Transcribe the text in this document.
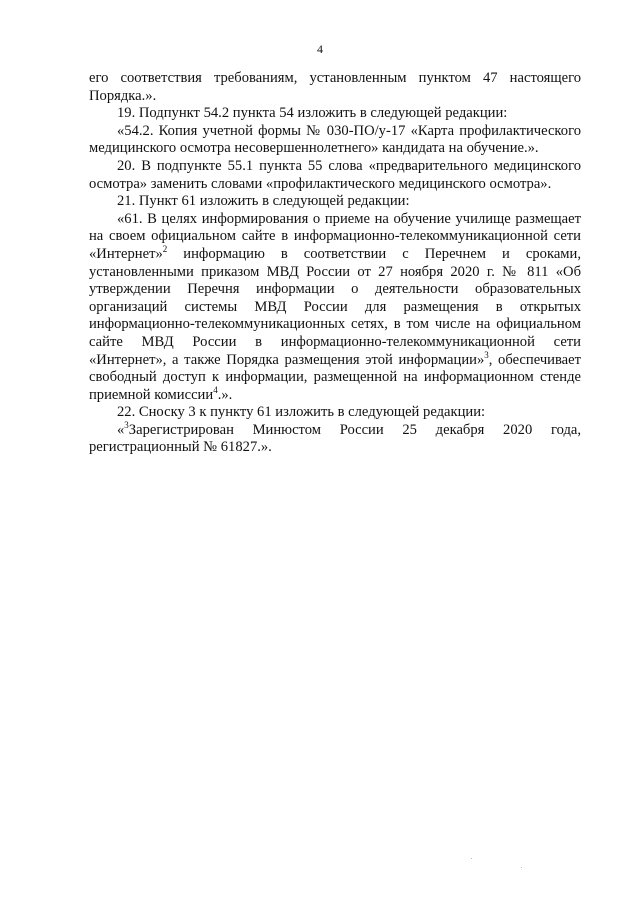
4

его соответствия требованиям, установленным пунктом 47 настоящего Порядка.».

19. Подпункт 54.2 пункта 54 изложить в следующей редакции:

«54.2. Копия учетной формы № 030-ПО/у-17 «Карта профилактического медицинского осмотра несовершеннолетнего» кандидата на обучение.».

20. В подпункте 55.1 пункта 55 слова «предварительного медицинского осмотра» заменить словами «профилактического медицинского осмотра».

21. Пункт 61 изложить в следующей редакции:

«61. В целях информирования о приеме на обучение училище размещает на своем официальном сайте в информационно-телекоммуникационной сети «Интернет»$^2$ информацию в соответствии с Перечнем и сроками, установленными приказом МВД России от 27 ноября 2020 г. № 811 «Об утверждении Перечня информации о деятельности образовательных организаций системы МВД России для размещения в открытых информационно-телекоммуникационных сетях, в том числе на официальном сайте МВД России в информационно-телекоммуникационной сети «Интернет», а также Порядка размещения этой информации»$^3$, обеспечивает свободный доступ к информации, размещенной на информационном стенде приемной комиссии$^4$.».

22. Сноску 3 к пункту 61 изложить в следующей редакции:

«$^3$Зарегистрирован Минюстом России 25 декабря 2020 года, регистрационный № 61827.».
